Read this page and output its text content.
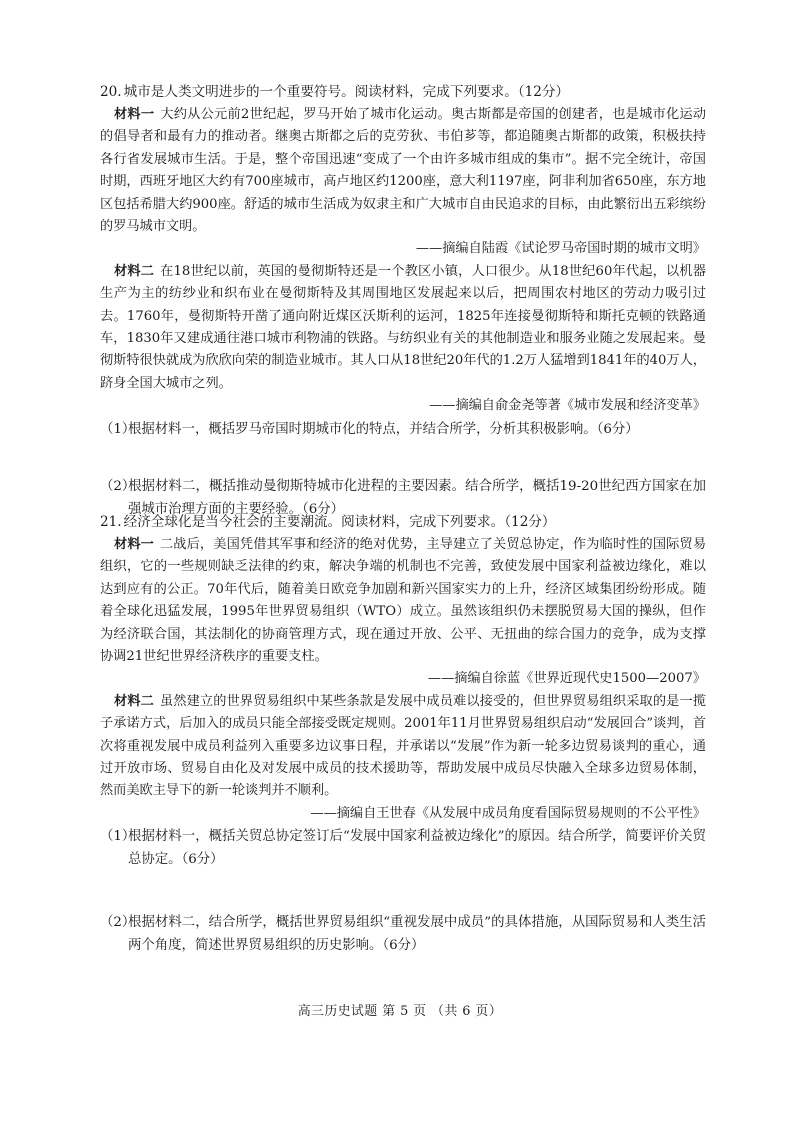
20. 城市是人类文明进步的一个重要符号。阅读材料，完成下列要求。（12分）

材料一 大约从公元前2世纪起，罗马开始了城市化运动。奥古斯都是帝国的创建者，也是城市化运动的倡导者和最有力的推动者。继奥古斯都之后的克劳狄、韦伯芗等，都追随奥古斯都的政策，积极扶持各行省发展城市生活。于是，整个帝国迅速“变成了一个由许多城市组成的集市”。据不完全统计，帝国时期，西班牙地区大约有700座城市，高卢地区约1200座，意大利1197座，阿非利加省650座，东方地区包括希腊大约900座。舒适的城市生活成为奴隶主和广大城市自由民追求的目标，由此繁衍出五彩缤纷的罗马城市文明。

——摘编自陆霞《试论罗马帝国时期的城市文明》

材料二 在18世纪以前，英国的曼彻斯特还是一个教区小镇，人口很少。从18世纪60年代起，以机器生产为主的纺纱业和织布业在曼彻斯特及其周围地区发展起来以后，把周围农村地区的劳动力吸引过去。1760年，曼彻斯特开凿了通向附近煤区沃斯利的运河，1825年连接曼彻斯特和斯托克顿的铁路通车，1830年又建成通往港口城市利物浦的铁路。与纺织业有关的其他制造业和服务业随之发展起来。曼彻斯特很快就成为欣欣向荣的制造业城市。其人口从18世纪20年代的1.2万人猛增到1841年的40万人，跻身全国大城市之列。

——摘编自俞金尧等著《城市发展和经济变革》

（1）根据材料一，概括罗马帝国时期城市化的特点，并结合所学，分析其积极影响。（6分）

（2）根据材料二，概括推动曼彻斯特城市化进程的主要因素。结合所学，概括19-20世纪西方国家在加强城市治理方面的主要经验。（6分）

21. 经济全球化是当今社会的主要潮流。阅读材料，完成下列要求。（12分）

材料一 二战后，美国凭借其军事和经济的绝对优势，主导建立了关贸总协定，作为临时性的国际贸易组织，它的一些规则缺乏法律的约束，解决争端的机制也不完善，致使发展中国家利益被边缘化，难以达到应有的公正。70年代后，随着美日欧竞争加剧和新兴国家实力的上升，经济区域集团纷纷形成。随着全球化迅猛发展，1995年世界贸易组织（WTO）成立。虽然该组织仍未摆脱贸易大国的操纵，但作为经济联合国，其法制化的协商管理方式，现在通过开放、公平、无扭曲的综合国力的竞争，成为支撑协调21世纪世界经济秩序的重要支柱。

——摘编自徐蓝《世界近现代史1500—2007》

材料二 虽然建立的世界贸易组织中某些条款是发展中成员难以接受的，但世界贸易组织采取的是一揽子承诺方式，后加入的成员只能全部接受既定规则。2001年11月世界贸易组织启动“发展回合”谈判，首次将重视发展中成员利益列入重要多边议事日程，并承诺以“发展”作为新一轮多边贸易谈判的重心，通过开放市场、贸易自由化及对发展中成员的技术援助等，帮助发展中成员尽快融入全球多边贸易体制，然而美欧主导下的新一轮谈判并不顺利。

——摘编自王世春《从发展中成员角度看国际贸易规则的不公平性》

（1）根据材料一，概括关贸总协定签订后“发展中国家利益被边缘化”的原因。结合所学，简要评价关贸总协定。（6分）

（2）根据材料二，结合所学，概括世界贸易组织“重视发展中成员”的具体措施，从国际贸易和人类生活两个角度，简述世界贸易组织的历史影响。（6分）

高三历史试题 第 5 页 （共 6 页）
